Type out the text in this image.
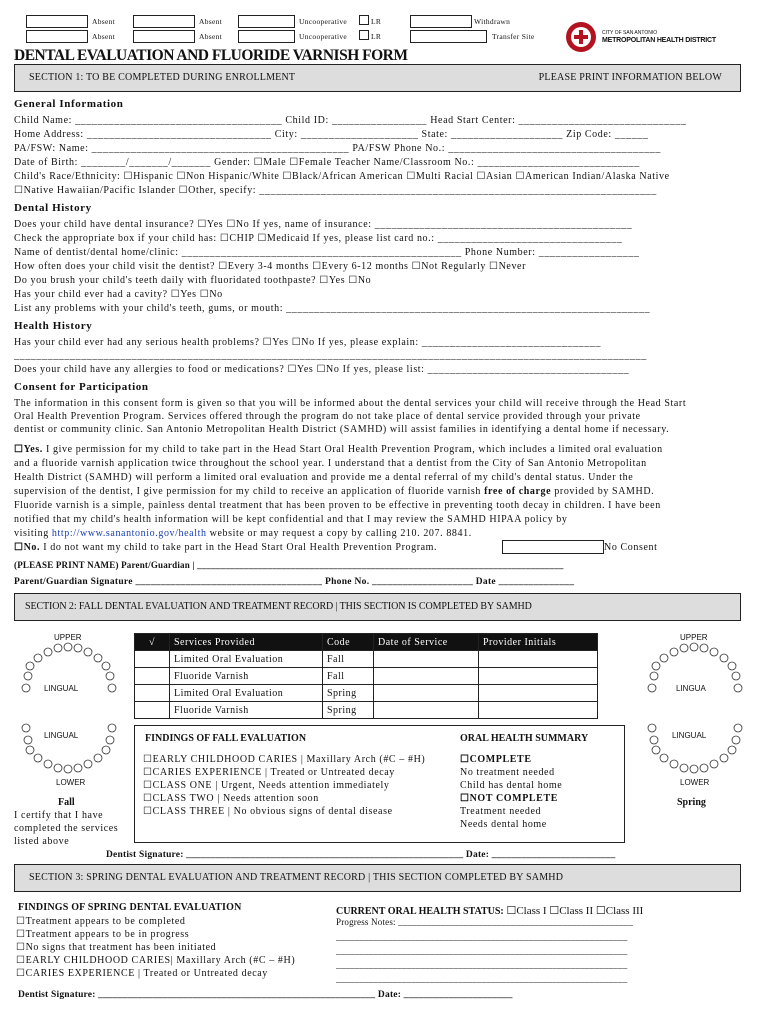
Absent
Absent
Absent
Absent
Uncooperative	LR
Uncooperative	LR
Withdrawn
Transfer Site	CITY OF SAN ANTONIO
METROPOLITAN HEALTH DISTRICT
DENTAL EVALUATION AND FLUORIDE VARNISH FORM
SECTION 1: TO BE COMPLETED DURING ENROLLMENT	PLEASE PRINT INFORMATION BELOW
General Information
Child Name: _____________________________________ Child ID: _________________ Head Start Center: ______________________________
Home Address: _________________________________ City: _____________________ State: ____________________ Zip Code: ______
PA/FSW: Name: ______________________________________________ PA/FSW Phone No.: ______________________________________
Date of Birth: ________/_______/_______ Gender: ☐Male ☐Female Teacher Name/Classroom No.: _____________________________
Child's Race/Ethnicity: ☐Hispanic ☐Non Hispanic/White ☐Black/African American ☐Multi Racial ☐Asian ☐American Indian/Alaska Native
☐Native Hawaiian/Pacific Islander ☐Other, specify: _______________________________________________________________________
Dental History
Does your child have dental insurance? ☐Yes ☐No If yes, name of insurance: ______________________________________________
Check the appropriate box if your child has: ☐CHIP ☐Medicaid If yes, please list card no.: _________________________________
Name of dentist/dental home/clinic: __________________________________________________ Phone Number: __________________
How often does your child visit the dentist? ☐Every 3-4 months ☐Every 6-12 months ☐Not Regularly ☐Never
Do you brush your child's teeth daily with fluoridated toothpaste? ☐Yes ☐No
Has your child ever had a cavity? ☐Yes ☐No
List any problems with your child's teeth, gums, or mouth: _________________________________________________________________
Health History
Has your child ever had any serious health problems? ☐Yes ☐No If yes, please explain: ________________________________
_________________________________________________________________________________________________________________
Does your child have any allergies to food or medications? ☐Yes ☐No If yes, please list: ____________________________________
Consent for Participation
The information in this consent form is given so that you will be informed about the dental services your child will receive through the Head Start
Oral Health Prevention Program. Services offered through the program do not take place of dental service provided through your private
dentist or community clinic. San Antonio Metropolitan Health District (SAMHD) will assist families in identifying a dental home if necessary.
☐Yes. I give permission for my child to take part in the Head Start Oral Health Prevention Program, which includes a limited oral evaluation
and a fluoride varnish application twice throughout the school year. I understand that a dentist from the City of San Antonio Metropolitan
Health District (SAMHD) will perform a limited oral evaluation and provide me a dental referral of my child's dental status. Under the
supervision of the dentist, I give permission for my child to receive an application of fluoride varnish free of charge provided by SAMHD.
Fluoride varnish is a simple, painless dental treatment that has been proven to be effective in preventing tooth decay in children. I have been
notified that my child's health information will be kept confidential and that I may review the SAMHD HIPAA policy by
visiting http://www.sanantonio.gov/health website or may request a copy by calling 210. 207. 8841.
☐No. I do not want my child to take part in the Head Start Oral Health Prevention Program.	No Consent
(PLEASE PRINT NAME) Parent/Guardian | ______________________________________________________________________________
Parent/Guardian Signature _____________________________________ Phone No. ____________________ Date _______________
SECTION 2: FALL DENTAL EVALUATION AND TREATMENT RECORD | THIS SECTION IS COMPLETED BY SAMHD
UPPER
LINGUAL
LINGUAL
LOWER
√	Services Provided	Code	Date of Service	Provider Initials
	Limited Oral Evaluation	Fall		
	Fluoride Varnish	Fall		
	Limited Oral Evaluation	Spring		
	Fluoride Varnish	Spring		
UPPER
LINGUA
LINGUAL
LOWER
FINDINGS OF FALL EVALUATION
☐EARLY CHILDHOOD CARIES | Maxillary Arch (#C – #H)
☐CARIES EXPERIENCE | Treated or Untreated decay
☐CLASS ONE | Urgent, Needs attention immediately
☐CLASS TWO | Needs attention soon
☐CLASS THREE | No obvious signs of dental disease
ORAL HEALTH SUMMARY
☐COMPLETE
No treatment needed
Child has dental home
☐NOT COMPLETE
Treatment needed
Needs dental home
Fall
I certify that I have
completed the services
listed above
Spring
Dentist Signature: ________________________________________________________ Date: _________________________
SECTION 3: SPRING DENTAL EVALUATION AND TREATMENT RECORD | THIS SECTION COMPLETED BY SAMHD
FINDINGS OF SPRING DENTAL EVALUATION
☐Treatment appears to be completed
☐Treatment appears to be in progress
☐No signs that treatment has been initiated
☐EARLY CHILDHOOD CARIES| Maxillary Arch (#C – #H)
☐CARIES EXPERIENCE | Treated or Untreated decay
CURRENT ORAL HEALTH STATUS: ☐Class I ☐Class II ☐Class III
Progress Notes: __________________________________________________
______________________________________________________________
______________________________________________________________
______________________________________________________________
______________________________________________________________
Dentist Signature: ________________________________________________________ Date: ______________________
